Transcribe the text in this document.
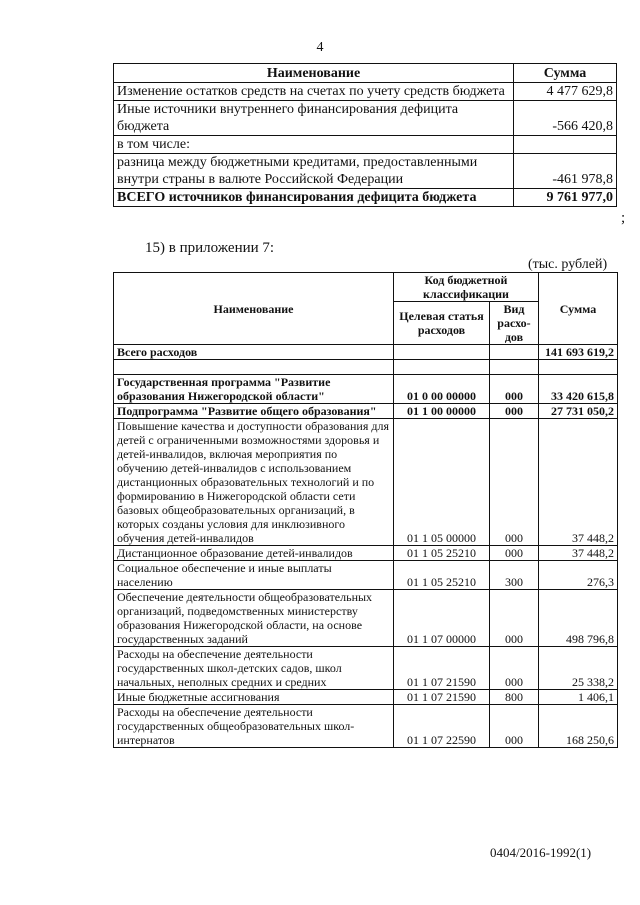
4
Наименование	Сумма
Изменение остатков средств на счетах по учету средств бюджета	4 477 629,8
Иные источники внутреннего финансирования дефицита бюджета	-566 420,8
в том числе:	
разница между бюджетными кредитами, предоставленными внутри страны в валюте Российской Федерации	-461 978,8
ВСЕГО источников финансирования дефицита бюджета	9 761 977,0
;
15) в приложении 7:
(тыс. рублей)
Наименование	Код бюджетной классификации		Сумма
	Целевая статья расходов	Вид расхо-дов	
Всего расходов			141 693 619,2

Государственная программа "Развитие образования Нижегородской области"	01 0 00 00000	000	33 420 615,8
Подпрограмма "Развитие общего образования"	01 1 00 00000	000	27 731 050,2
Повышение качества и доступности образования для детей с ограниченными возможностями здоровья и детей-инвалидов, включая мероприятия по обучению детей-инвалидов с использованием дистанционных образовательных технологий и по формированию в Нижегородской области сети базовых общеобразовательных организаций, в которых созданы условия для инклюзивного обучения детей-инвалидов	01 1 05 00000	000	37 448,2
Дистанционное образование детей-инвалидов	01 1 05 25210	000	37 448,2
Социальное обеспечение и иные выплаты населению	01 1 05 25210	300	276,3
Обеспечение деятельности общеобразовательных организаций, подведомственных министерству образования Нижегородской области, на основе государственных заданий	01 1 07 00000	000	498 796,8
Расходы на обеспечение деятельности государственных школ-детских садов, школ начальных, неполных средних и средних	01 1 07 21590	000	25 338,2
Иные бюджетные ассигнования	01 1 07 21590	800	1 406,1
Расходы на обеспечение деятельности государственных общеобразовательных школ-интернатов	01 1 07 22590	000	168 250,6
0404/2016-1992(1)
